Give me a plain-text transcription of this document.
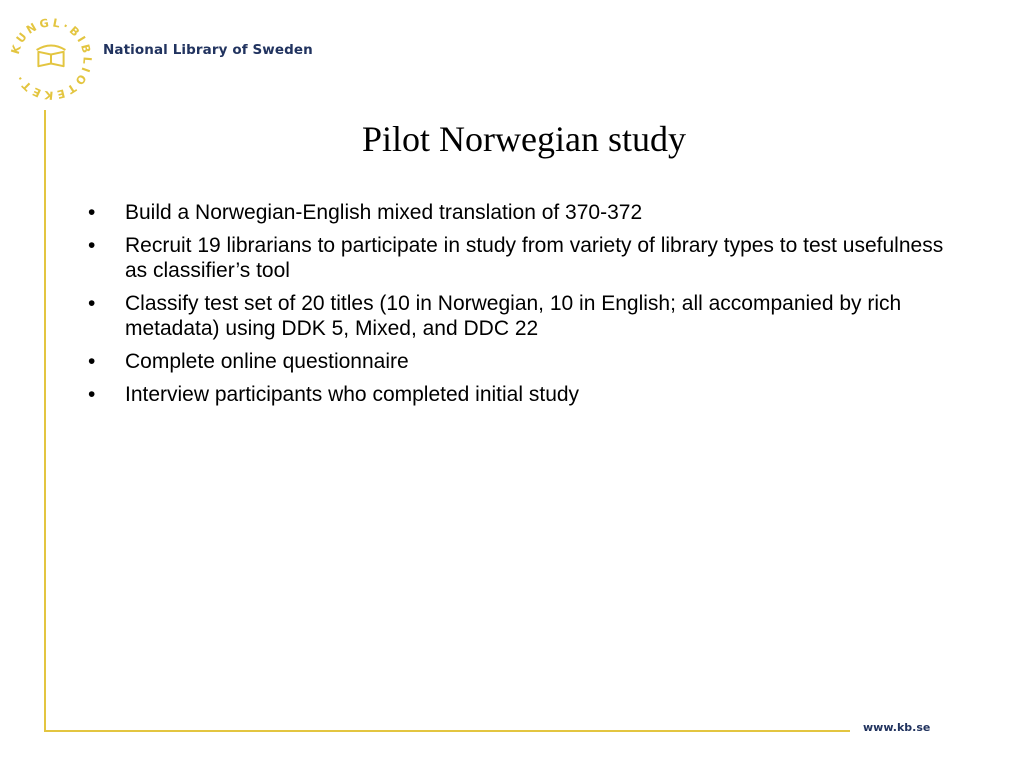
KUNGL·BIBLIOTEKET·
National Library of Sweden
Pilot Norwegian study
• Build a Norwegian-English mixed translation of 370-372
• Recruit 19 librarians to participate in study from variety of library types to test usefulness as classifier’s tool
• Classify test set of 20 titles (10 in Norwegian, 10 in English; all accompanied by rich metadata) using DDK 5, Mixed, and DDC 22
• Complete online questionnaire
• Interview participants who completed initial study
www.kb.se
